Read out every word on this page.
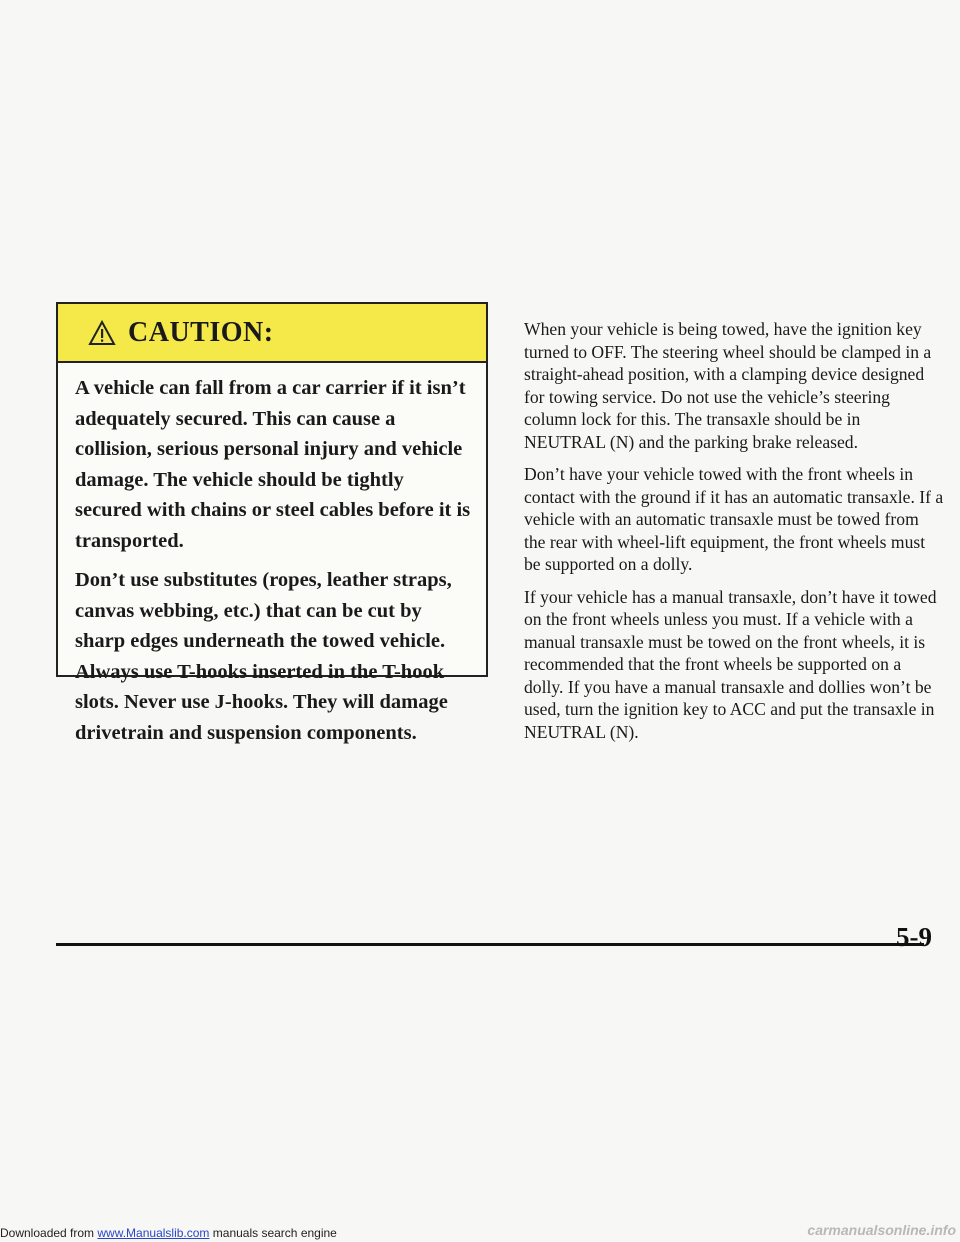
CAUTION:

A vehicle can fall from a car carrier if it isn’t adequately secured. This can cause a collision, serious personal injury and vehicle damage. The vehicle should be tightly secured with chains or steel cables before it is transported.

Don’t use substitutes (ropes, leather straps, canvas webbing, etc.) that can be cut by sharp edges underneath the towed vehicle. Always use T-hooks inserted in the T-hook slots. Never use J-hooks. They will damage drivetrain and suspension components.

When your vehicle is being towed, have the ignition key turned to OFF. The steering wheel should be clamped in a straight-ahead position, with a clamping device designed for towing service. Do not use the vehicle’s steering column lock for this. The transaxle should be in NEUTRAL (N) and the parking brake released.

Don’t have your vehicle towed with the front wheels in contact with the ground if it has an automatic transaxle. If a vehicle with an automatic transaxle must be towed from the rear with wheel-lift equipment, the front wheels must be supported on a dolly.

If your vehicle has a manual transaxle, don’t have it towed on the front wheels unless you must. If a vehicle with a manual transaxle must be towed on the front wheels, it is recommended that the front wheels be supported on a dolly. If you have a manual transaxle and dollies won’t be used, turn the ignition key to ACC and put the transaxle in NEUTRAL (N).

5-9
Downloaded from www.Manualslib.com manuals search engine	carmanualsonline.info
